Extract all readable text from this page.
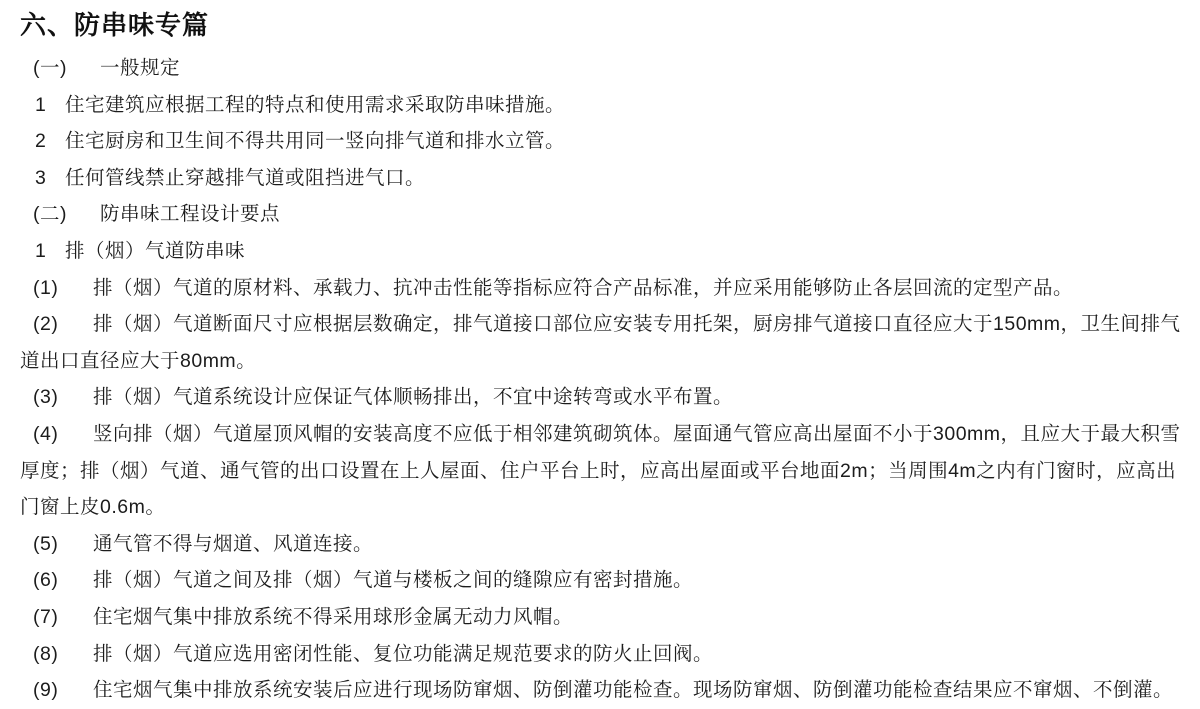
六、防串味专篇

(一) 一般规定

1 住宅建筑应根据工程的特点和使用需求采取防串味措施。

2 住宅厨房和卫生间不得共用同一竖向排气道和排水立管。

3 任何管线禁止穿越排气道或阻挡进气口。

(二) 防串味工程设计要点

1 排（烟）气道防串味

(1) 排（烟）气道的原材料、承载力、抗冲击性能等指标应符合产品标准，并应采用能够防止各层回流的定型产品。

(2) 排（烟）气道断面尺寸应根据层数确定，排气道接口部位应安装专用托架，厨房排气道接口直径应大于150mm，卫生间排气道出口直径应大于80mm。

(3) 排（烟）气道系统设计应保证气体顺畅排出，不宜中途转弯或水平布置。

(4) 竖向排（烟）气道屋顶风帽的安装高度不应低于相邻建筑砌筑体。屋面通气管应高出屋面不小于300mm，且应大于最大积雪厚度；排（烟）气道、通气管的出口设置在上人屋面、住户平台上时，应高出屋面或平台地面2m；当周围4m之内有门窗时，应高出门窗上皮0.6m。

(5) 通气管不得与烟道、风道连接。

(6) 排（烟）气道之间及排（烟）气道与楼板之间的缝隙应有密封措施。

(7) 住宅烟气集中排放系统不得采用球形金属无动力风帽。

(8) 排（烟）气道应选用密闭性能、复位功能满足规范要求的防火止回阀。

(9) 住宅烟气集中排放系统安装后应进行现场防窜烟、防倒灌功能检查。现场防窜烟、防倒灌功能检查结果应不窜烟、不倒灌。
